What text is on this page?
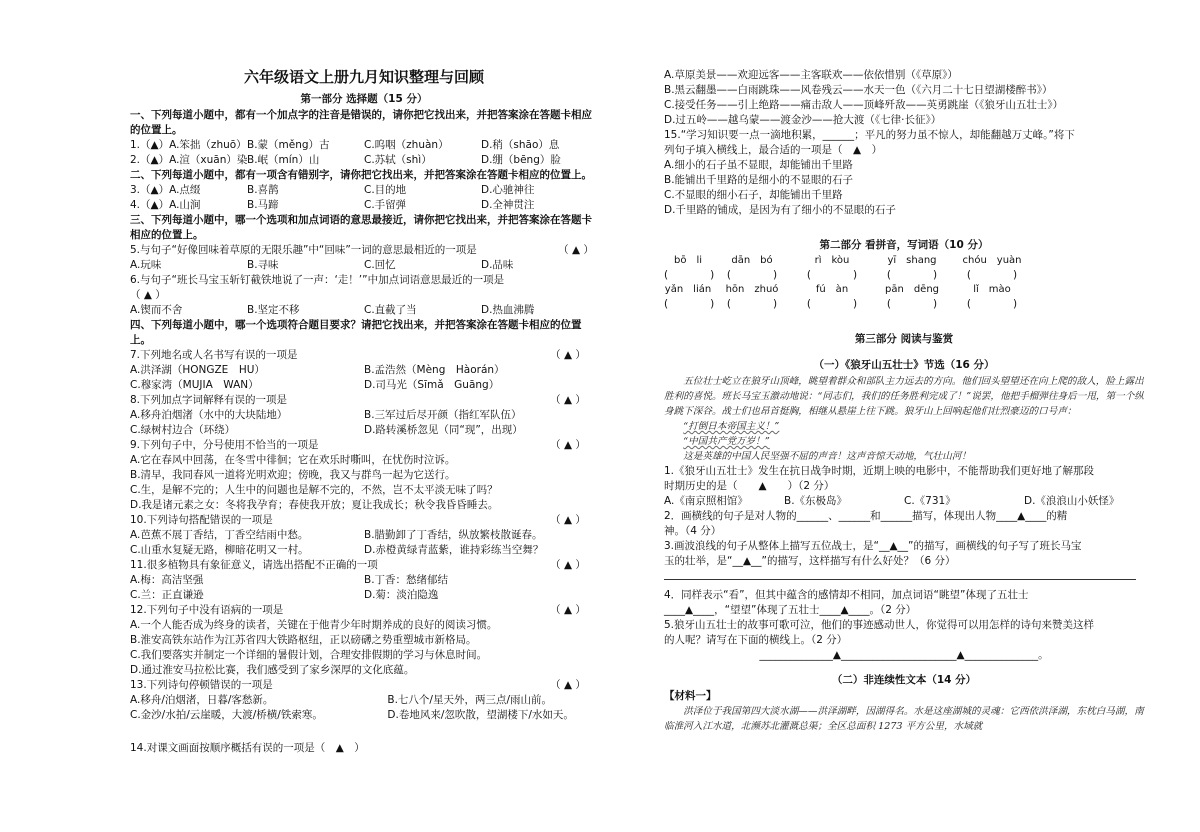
六年级语文上册九月知识整理与回顾
第一部分 选择题（15 分）
一、下列每道小题中，都有一个加点字的注音是错误的，请你把它找出来，并把答案涂在答题卡相应的位置上。
1.（▲）A.笨拙（zhuō） B.蒙（měng）古	C.呜咽（zhuàn）	D.稍（shāo）息
2.（▲）A.渲（xuān）染 B.岷（mín）山	C.苏轼（shì）	D.绷（bēng）脸
二、下列每道小题中，都有一项含有错别字，请你把它找出来，并把答案涂在答题卡相应的位置上。
3.（▲）A.点缀	B.喜鹊	C.目的地	D.心驰神往
4.（▲）A.山涧	B.马蹄	C.手留弹	D.全神贯注
三、下列每道小题中，哪一个选项和加点词语的意思最接近，请你把它找出来，并把答案涂在答题卡相应的位置上。
5.与句子“好像回味着草原的无限乐趣”中“回味”一词的意思最相近的一项是	（ ▲ ）
A.玩味	B.寻味	C.回忆	D.品味
6.与句子“班长马宝玉斩钉截铁地说了一声：‘走！’”中加点词语意思最近的一项是
（ ▲ ）
A.锲而不舍	B.坚定不移	C.直截了当	D.热血沸腾
四、下列每道小题中，哪一个选项符合题目要求？请把它找出来，并把答案涂在答题卡相应的位置上。
7.下列地名或人名书写有误的一项是	（ ▲ ）
A.洪泽湖（HONGZE　HU）	B.孟浩然（Mèng　Hàorán）
C.穆家湾（MUJIA　WAN）	D.司马光（Sīmǎ　Guāng）
8.下列加点字词解释有误的一项是	（ ▲ ）
A.移舟泊烟渚（水中的大块陆地）	B.三军过后尽开颜（指红军队伍）
C.绿树村边合（环绕）	D.路转溪桥忽见（同“现”，出现）
9.下列句子中，分号使用不恰当的一项是	（ ▲ ）
A.它在春风中回荡，在冬雪中徘徊；它在欢乐时嘶叫，在忧伤时泣诉。
B.清早，我同春风一道将光明欢迎；傍晚，我又与群鸟一起为它送行。
C.生，是解不完的；人生中的问题也是解不完的，不然，岂不太平淡无味了吗？
D.我是诸元素之女：冬将我孕育；春使我开放；夏让我成长；秋令我昏昏睡去。
10.下列诗句搭配错误的一项是	（ ▲ ）
A.芭蕉不展丁香结，丁香空结雨中愁。	B.腊勤卸了丁香结，纵放繁枝散诞春。
C.山重水复疑无路，柳暗花明又一村。	D.赤橙黄绿青蓝紫，谁持彩练当空舞？
11.很多植物具有象征意义，请选出搭配不正确的一项	（ ▲ ）
A.梅：高洁坚强	B.丁香：愁绪郁结
C.兰：正直谦逊	D.菊：淡泊隐逸
12.下列句子中没有语病的一项是	（ ▲ ）
A.一个人能否成为终身的读者，关键在于他青少年时期养成的良好的阅读习惯。
B.淮安高铁东站作为江苏省四大铁路枢纽，正以磅礴之势重塑城市新格局。
C.我们要落实并制定一个详细的暑假计划，合理安排假期的学习与休息时间。
D.通过淮安马拉松比赛，我们感受到了家乡深厚的文化底蕴。
13.下列诗句停顿错误的一项是	（ ▲ ）
A.移舟/泊烟渚，日暮/客愁新。	B.七八个/星天外，两三点/雨山前。
C.金沙/水拍/云崖暖，大渡/桥横/铁索寒。	D.卷地风来/忽吹散，望湖楼下/水如天。
14.对课文画面按顺序概括有误的一项是（　▲　）
A.草原美景——欢迎远客——主客联欢——依依惜别（《草原》）
B.黑云翻墨——白雨跳珠——风卷残云——水天一色（《六月二十七日望湖楼醉书》）
C.接受任务——引上绝路——痛击敌人——顶峰歼敌——英勇跳崖（《狼牙山五壮士》）
D.过五岭——越乌蒙——渡金沙——抢大渡（《七律·长征》）
15.“学习知识要一点一滴地积累，______；平凡的努力虽不惊人，却能翻越万丈峰。”将下
列句子填入横线上，最合适的一项是（　▲　）
A.细小的石子虽不显眼，却能铺出千里路
B.能铺出千里路的是细小的不显眼的石子
C.不显眼的细小石子，却能铺出千里路
D.千里路的铺成，是因为有了细小的不显眼的石子
第二部分 看拼音，写词语（10 分）
bō　li	dān　bó	rì　kòu	yī　shang	chóu　yuàn
(　　　　)	(　　　　)	(　　　　)	(　　　　)	(　　　　)
yǎn　lián	hōn　zhuó	fú　àn	pān　dēng	lǐ　mào
(　　　　)	(　　　　)	(　　　　)	(　　　　)	(　　　　)
第三部分 阅读与鉴赏
（一）《狼牙山五壮士》节选（16 分）
五位壮士屹立在狼牙山顶峰，眺望着群众和部队主力远去的方向。他们回头望望还在向上爬的敌人，脸上露出胜利的喜悦。班长马宝玉激动地说：“同志们，我们的任务胜利完成了！”说罢，他把手榴弹往身后一甩，第一个纵身跳下深谷。战士们也昂首挺胸，相继从悬崖上往下跳。狼牙山上回响起他们壮烈豪迈的口号声：
“打倒日本帝国主义！”
“中国共产党万岁！”
这是英雄的中国人民坚强不屈的声音！这声音惊天动地，气壮山河！
1.《狼牙山五壮士》发生在抗日战争时期，近期上映的电影中，不能帮助我们更好地了解那段
时期历史的是（　　▲　　）（2 分）
A.《南京照相馆》	B.《东极岛》	C.《731》	D.《浪浪山小妖怪》
2．画横线的句子是对人物的______、______和______描写，体现出人物____▲____的精
神。（4 分）
3.画波浪线的句子从整体上描写五位战士，是“__▲__”的描写，画横线的句子写了班长马宝
玉的壮举，是“__▲__”的描写，这样描写有什么好处？（6 分）
4．同样表示“看”，但其中蕴含的感情却不相同，加点词语“眺望”体现了五壮士
____▲____，“望望”体现了五壮士____▲____。（2 分）
5.狼牙山五壮士的故事可歌可泣，他们的事迹感动世人，你觉得可以用怎样的诗句来赞美这样
的人呢？请写在下面的横线上。（2 分）
______________▲______________________▲______________。
（二）非连续性文本（14 分）
【材料一】
洪泽位于我国第四大淡水湖——洪泽湖畔，因湖得名。水是这座湖城的灵魂：它西依洪泽湖，东枕白马湖，南临淮河入江水道，北濒苏北灌溉总渠；全区总面积 1273 平方公里，水域就
